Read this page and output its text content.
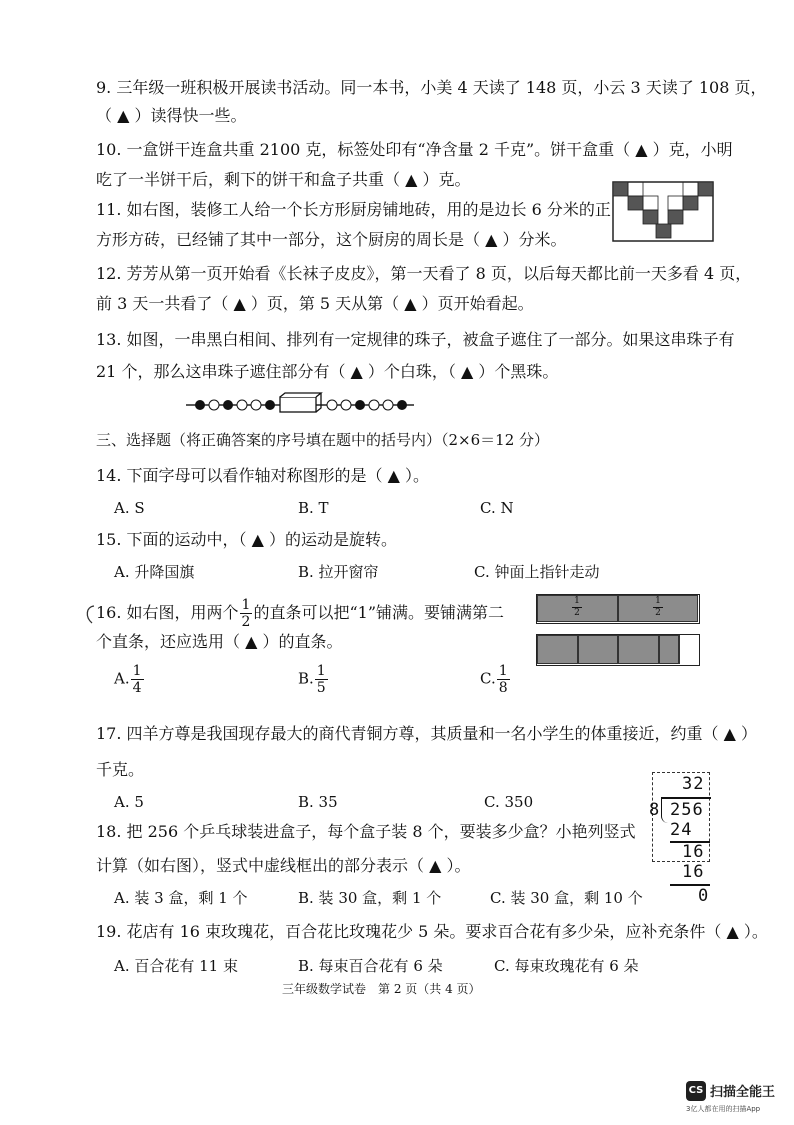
9. 三年级一班积极开展读书活动。同一本书，小美 4 天读了 148 页，小云 3 天读了 108 页，
（ ▲ ）读得快一些。
10. 一盒饼干连盒共重 2100 克，标签处印有“净含量 2 千克”。饼干盒重（ ▲ ）克，小明
吃了一半饼干后，剩下的饼干和盒子共重（ ▲ ）克。
11. 如右图，装修工人给一个长方形厨房铺地砖，用的是边长 6 分米的正
方形方砖，已经铺了其中一部分，这个厨房的周长是（ ▲ ）分米。
12. 芳芳从第一页开始看《长袜子皮皮》，第一天看了 8 页，以后每天都比前一天多看 4 页，
前 3 天一共看了（ ▲ ）页，第 5 天从第（ ▲ ）页开始看起。
13. 如图，一串黑白相间、排列有一定规律的珠子，被盒子遮住了一部分。如果这串珠子有
21 个，那么这串珠子遮住部分有（ ▲ ）个白珠，（ ▲ ）个黑珠。
三、选择题（将正确答案的序号填在题中的括号内）（2×6＝12 分）
14. 下面字母可以看作轴对称图形的是（ ▲ ）。
A. S	B. T	C. N
15. 下面的运动中，（ ▲ ）的运动是旋转。
A. 升降国旗	B. 拉开窗帘	C. 钟面上指针走动
16. 如右图，用两个 $\frac{1}{2}$ 的直条可以把“1”铺满。要铺满第二
个直条，还应选用（ ▲ ）的直条。
$\frac{1}{2}$	$\frac{1}{2}$
A. $\frac{1}{4}$	B. $\frac{1}{5}$	C. $\frac{1}{8}$
17. 四羊方尊是我国现存最大的商代青铜方尊，其质量和一名小学生的体重接近，约重（ ▲ ）
千克。
A. 5	B. 35	C. 350
18. 把 256 个乒乓球装进盒子，每个盒子装 8 个，要装多少盒？小艳列竖式
计算（如右图），竖式中虚线框出的部分表示（ ▲ ）。
A. 装 3 盒，剩 1 个	B. 装 30 盒，剩 1 个	C. 装 30 盒，剩 10 个
32
8 256
24
16
16
0
19. 花店有 16 束玫瑰花，百合花比玫瑰花少 5 朵。要求百合花有多少朵，应补充条件（ ▲ ）。
A. 百合花有 11 束	B. 每束百合花有 6 朵	C. 每束玫瑰花有 6 朵
三年级数学试卷　第 2 页（共 4 页）
CS 扫描全能王
3亿人都在用的扫描App
